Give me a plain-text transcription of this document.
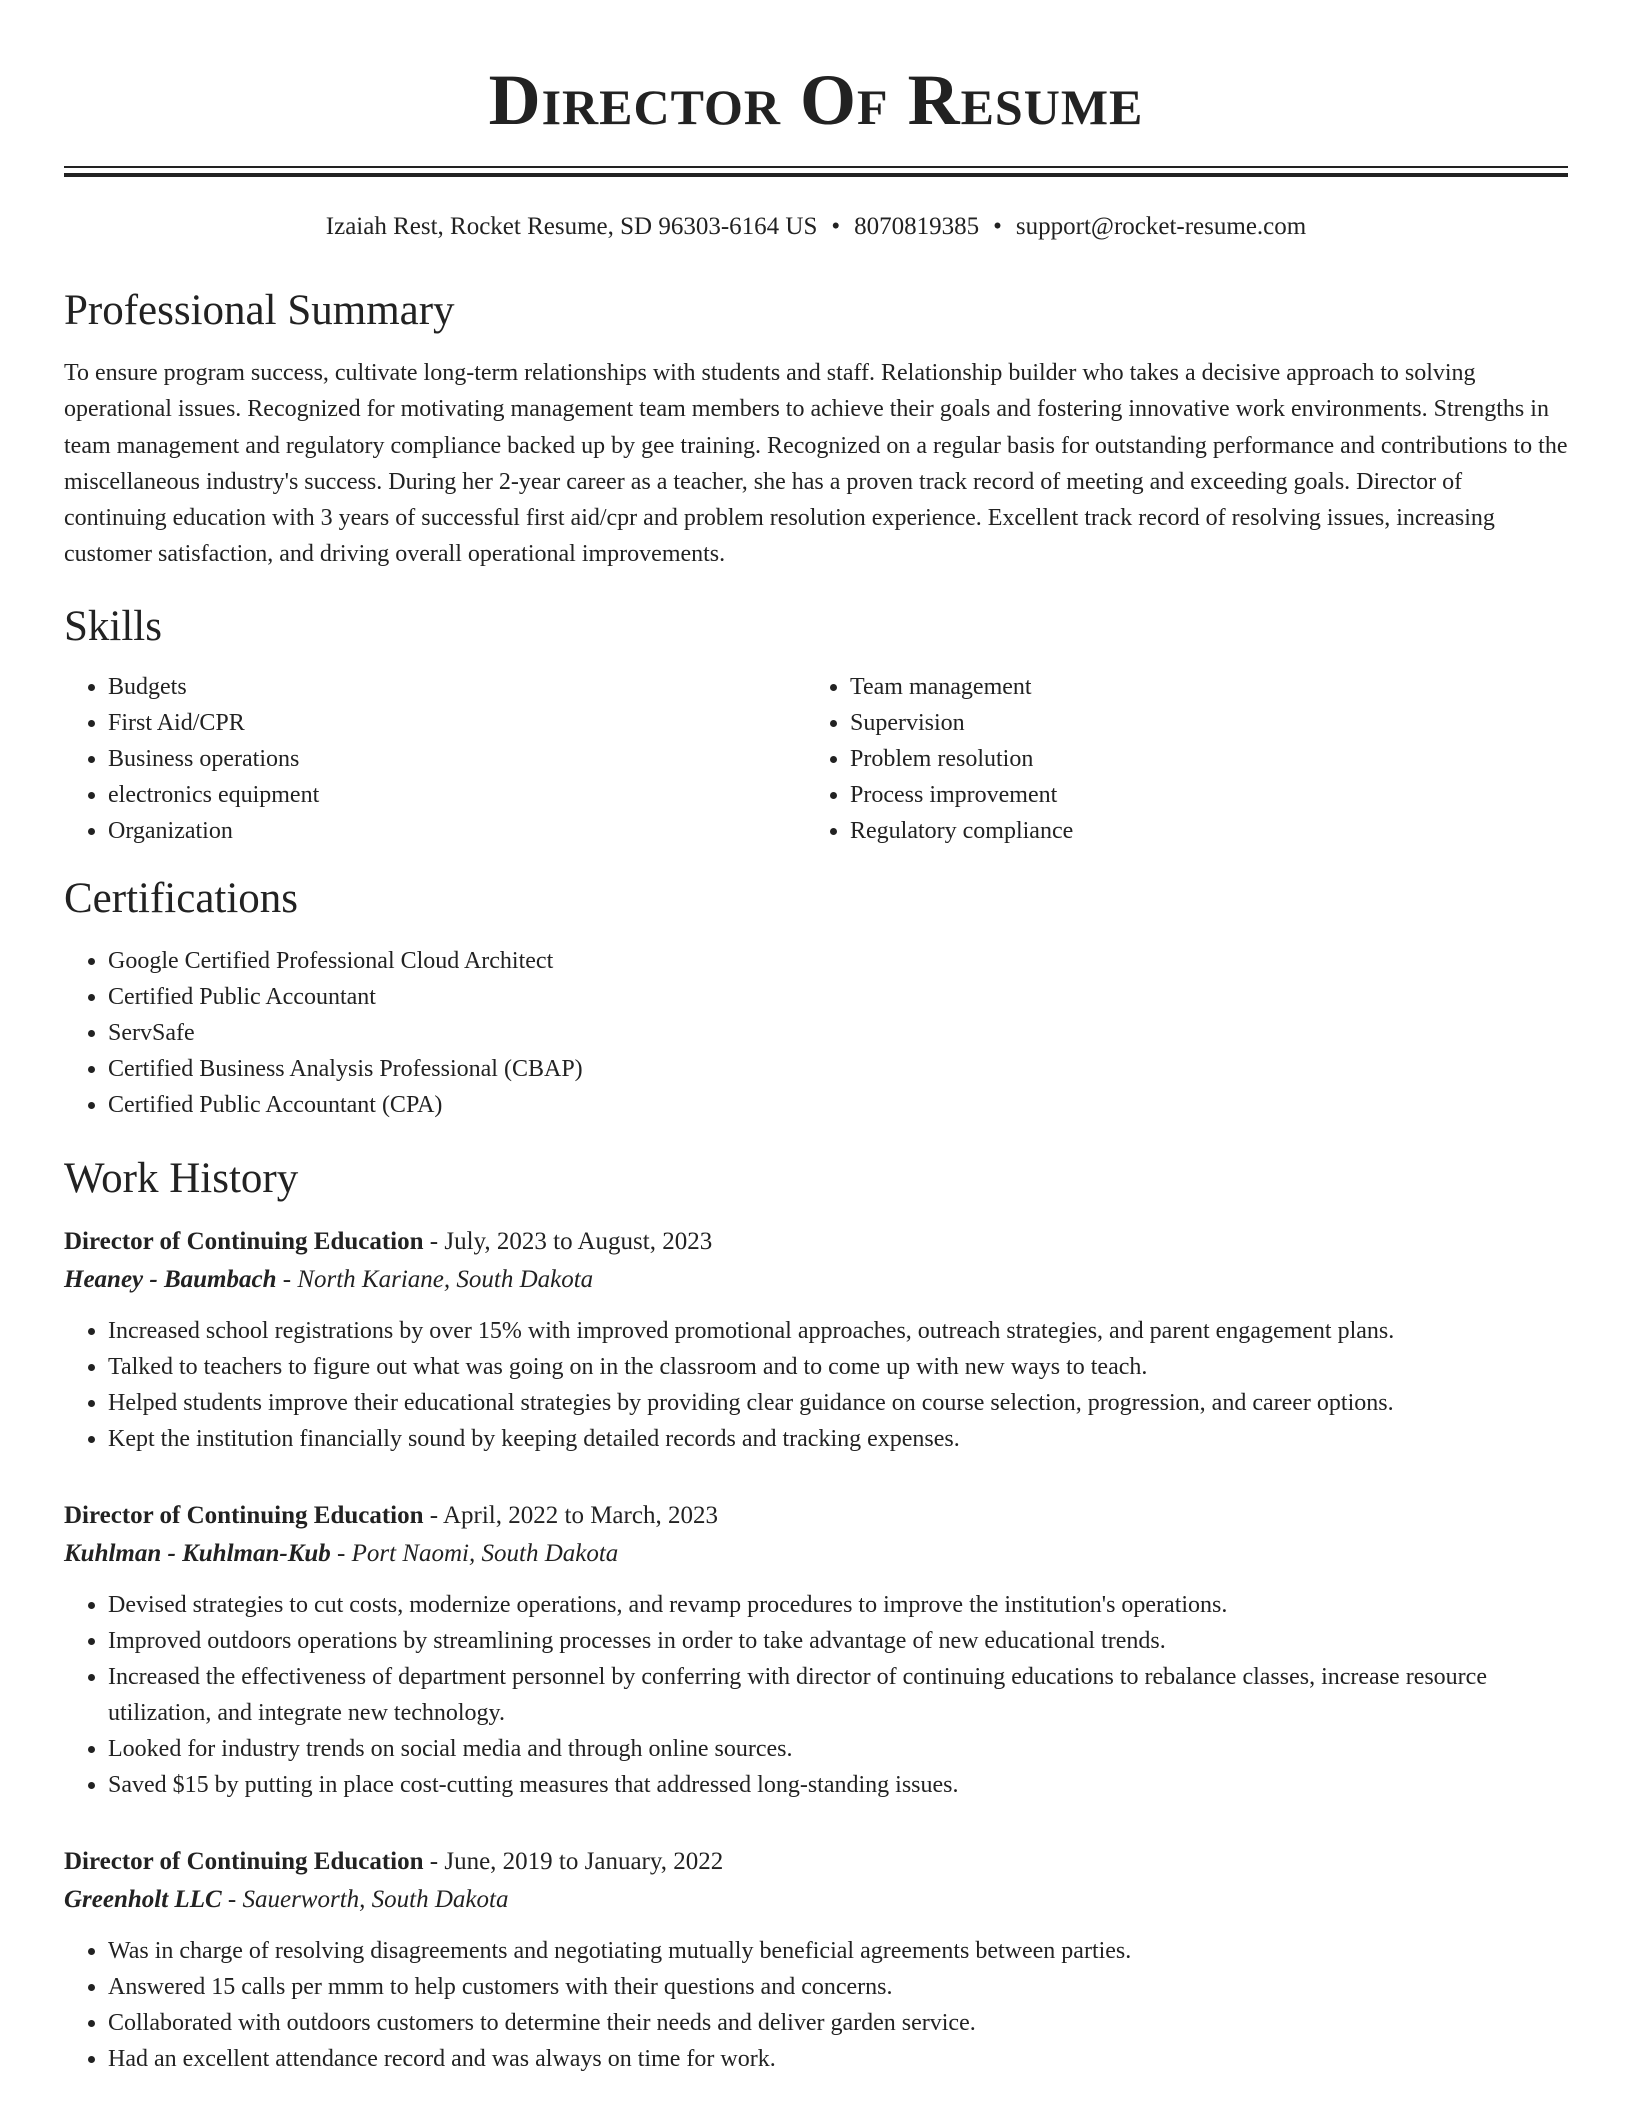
Director Of Resume
Izaiah Rest, Rocket Resume, SD 96303-6164 US • 8070819385 • support@rocket-resume.com
Professional Summary

To ensure program success, cultivate long-term relationships with students and staff. Relationship builder who takes a decisive approach to solving operational issues. Recognized for motivating management team members to achieve their goals and fostering innovative work environments. Strengths in team management and regulatory compliance backed up by gee training. Recognized on a regular basis for outstanding performance and contributions to the miscellaneous industry's success. During her 2-year career as a teacher, she has a proven track record of meeting and exceeding goals. Director of continuing education with 3 years of successful first aid/cpr and problem resolution experience. Excellent track record of resolving issues, increasing customer satisfaction, and driving overall operational improvements.

Skills
• Budgets
• First Aid/CPR
• Business operations
• electronics equipment
• Organization
• Team management
• Supervision
• Problem resolution
• Process improvement
• Regulatory compliance
Certifications
• Google Certified Professional Cloud Architect
• Certified Public Accountant
• ServSafe
• Certified Business Analysis Professional (CBAP)
• Certified Public Accountant (CPA)
Work History
Director of Continuing Education - July, 2023 to August, 2023
Heaney - Baumbach - North Kariane, South Dakota
• Increased school registrations by over 15% with improved promotional approaches, outreach strategies, and parent engagement plans.
• Talked to teachers to figure out what was going on in the classroom and to come up with new ways to teach.
• Helped students improve their educational strategies by providing clear guidance on course selection, progression, and career options.
• Kept the institution financially sound by keeping detailed records and tracking expenses.
Director of Continuing Education - April, 2022 to March, 2023
Kuhlman - Kuhlman-Kub - Port Naomi, South Dakota
• Devised strategies to cut costs, modernize operations, and revamp procedures to improve the institution's operations.
• Improved outdoors operations by streamlining processes in order to take advantage of new educational trends.
• Increased the effectiveness of department personnel by conferring with director of continuing educations to rebalance classes, increase resource utilization, and integrate new technology.
• Looked for industry trends on social media and through online sources.
• Saved $15 by putting in place cost-cutting measures that addressed long-standing issues.
Director of Continuing Education - June, 2019 to January, 2022
Greenholt LLC - Sauerworth, South Dakota
• Was in charge of resolving disagreements and negotiating mutually beneficial agreements between parties.
• Answered 15 calls per mmm to help customers with their questions and concerns.
• Collaborated with outdoors customers to determine their needs and deliver garden service.
• Had an excellent attendance record and was always on time for work.
